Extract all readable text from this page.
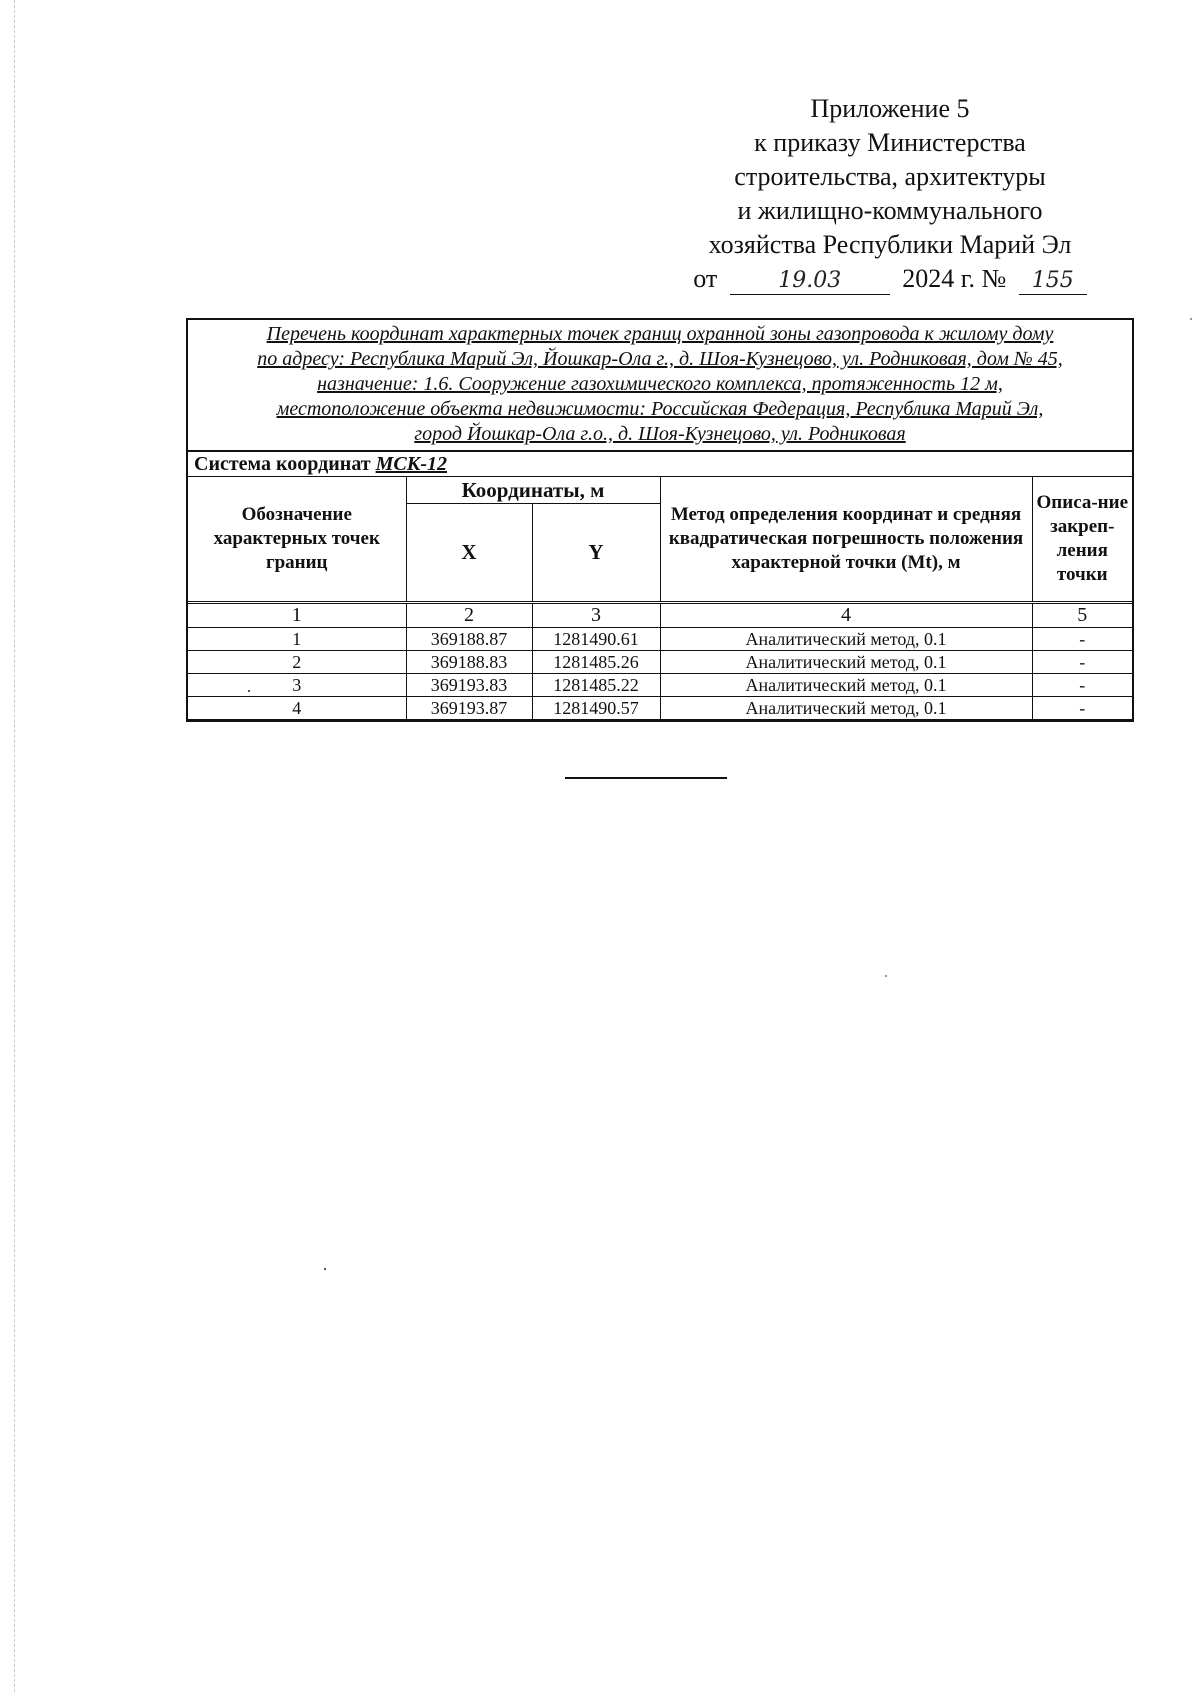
Приложение 5
к приказу Министерства
строительства, архитектуры
и жилищно-коммунального
хозяйства Республики Марий Эл
от	19.03 2024 г. № 155
Перечень координат характерных точек границ охранной зоны газопровода к жилому дому
по адресу: Республика Марий Эл, Йошкар-Ола г., д. Шоя-Кузнецово, ул. Родниковая, дом № 45,
назначение: 1.6. Сооружение газохимического комплекса, протяженность 12 м,
местоположение объекта недвижимости: Российская Федерация, Республика Марий Эл,
город Йошкар-Ола г.о., д. Шоя-Кузнецово, ул. Родниковая
Система координат МСК-12
Обозначение характерных точек границ	Координаты, м		Метод определения координат и средняя квадратическая погрешность положения характерной точки (Mt), м	Описа-ние закреп-ления точки
	X	Y		
1	2	3	4	5
1	369188.87	1281490.61	Аналитический метод, 0.1	-
2	369188.83	1281485.26	Аналитический метод, 0.1	-
3	369193.83	1281485.22	Аналитический метод, 0.1	-
4	369193.87	1281490.57	Аналитический метод, 0.1	-
